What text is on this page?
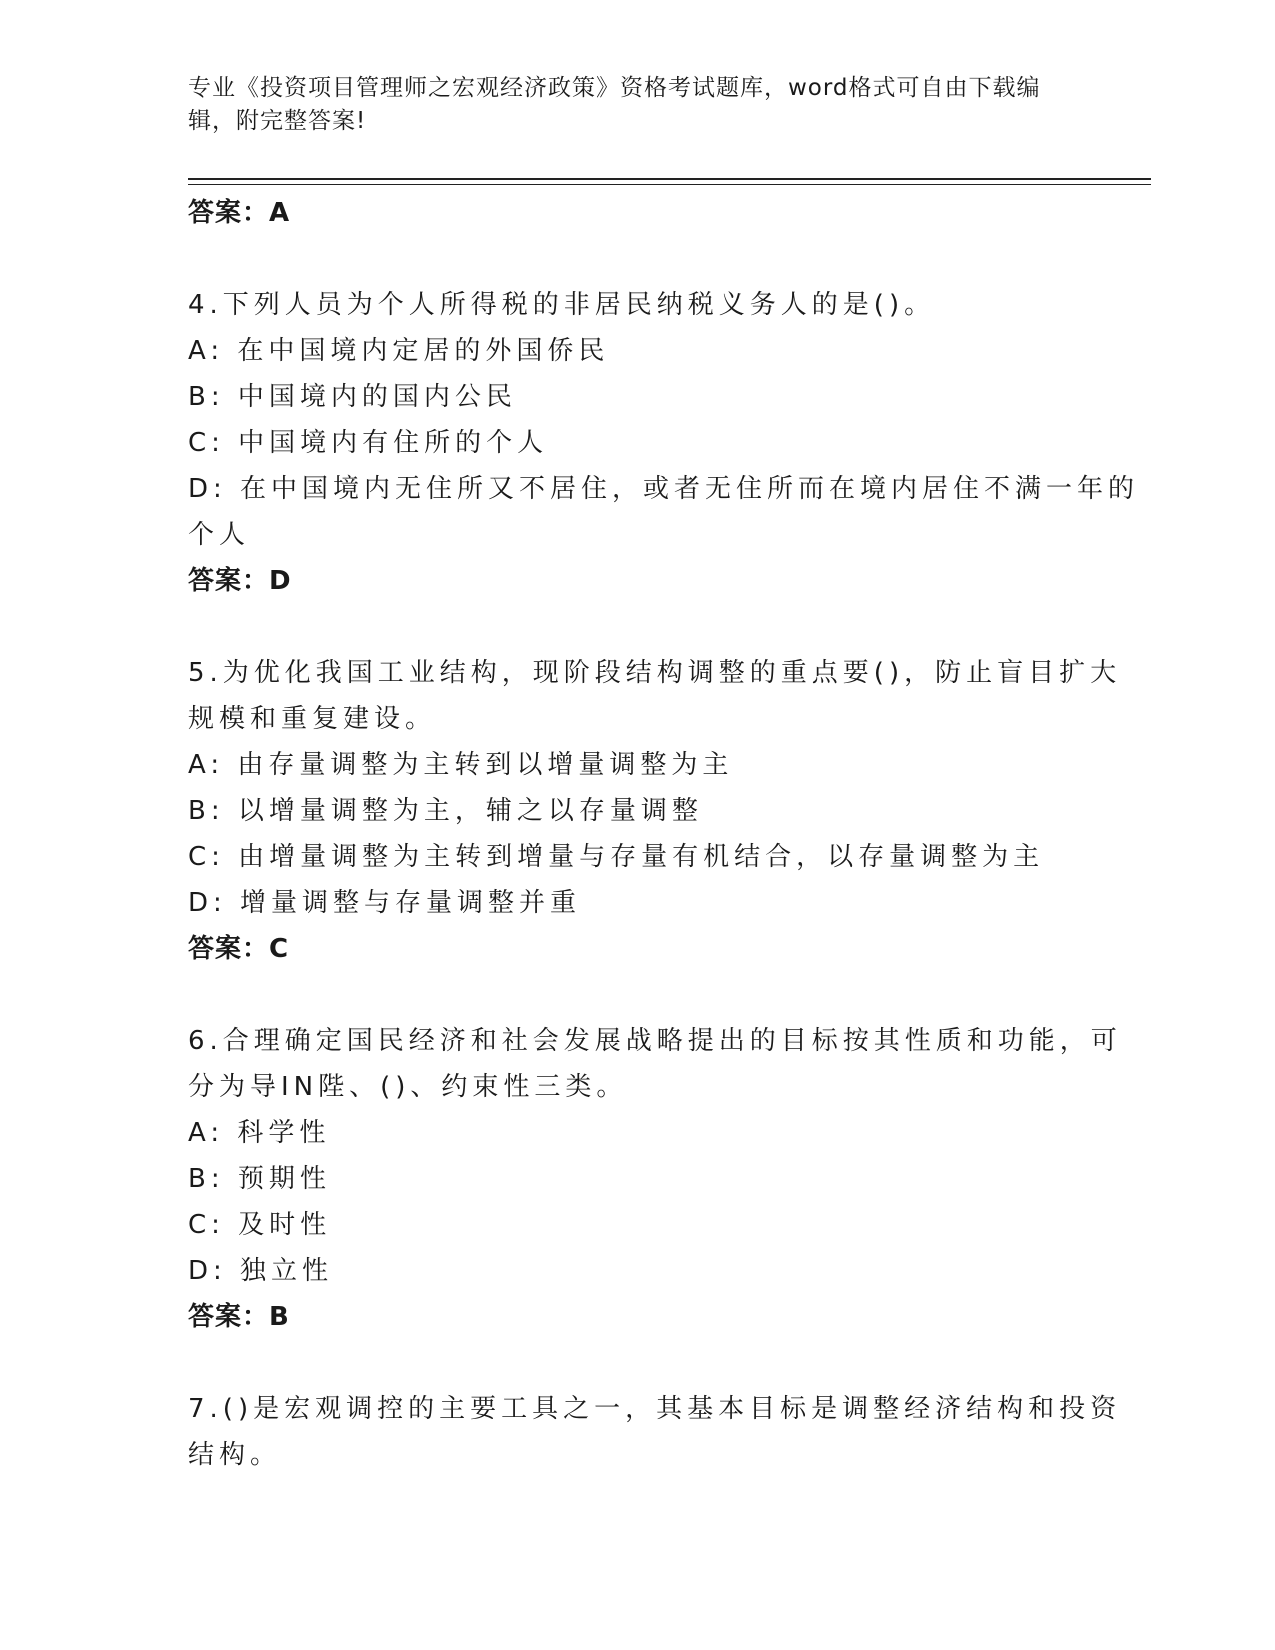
专业《投资项目管理师之宏观经济政策》资格考试题库，word格式可自由下载编
辑，附完整答案!
答案：A
4.下列人员为个人所得税的非居民纳税义务人的是()。
A: 在中国境内定居的外国侨民
B: 中国境内的国内公民
C: 中国境内有住所的个人
D: 在中国境内无住所又不居住，或者无住所而在境内居住不满一年的
个人
答案：D
5.为优化我国工业结构，现阶段结构调整的重点要()，防止盲目扩大
规模和重复建设。
A: 由存量调整为主转到以增量调整为主
B: 以增量调整为主，辅之以存量调整
C: 由增量调整为主转到增量与存量有机结合，以存量调整为主
D: 增量调整与存量调整并重
答案：C
6.合理确定国民经济和社会发展战略提出的目标按其性质和功能，可
分为导IN陛、()、约束性三类。
A: 科学性
B: 预期性
C: 及时性
D: 独立性
答案：B
7.()是宏观调控的主要工具之一，其基本目标是调整经济结构和投资
结构。
